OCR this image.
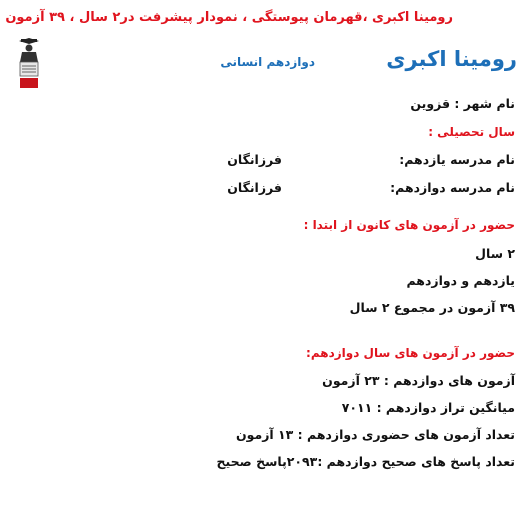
رومینا اکبری ،قهرمان پیوستگی ، نمودار پیشرفت در۲ سال ، ۳۹ آزمون
رومینا اکبری
دوازدهم انسانی
نام شهر : قزوین
سال تحصیلی :
نام مدرسه یازدهم:
فرزانگان
نام مدرسه دوازدهم:
فرزانگان
حضور در آزمون های کانون از ابتدا :
۲ سال
یازدهم و دوازدهم
۳۹ آزمون در مجموع ۲ سال
حضور در آزمون های سال دوازدهم:
آزمون های دوازدهم : ۲۳ آزمون
میانگین تراز دوازدهم : ۷۰۱۱
تعداد آزمون های حضوری دوازدهم : ۱۳ آزمون
تعداد پاسخ های صحیح دوازدهم :۲۰۹۳پاسخ صحیح
